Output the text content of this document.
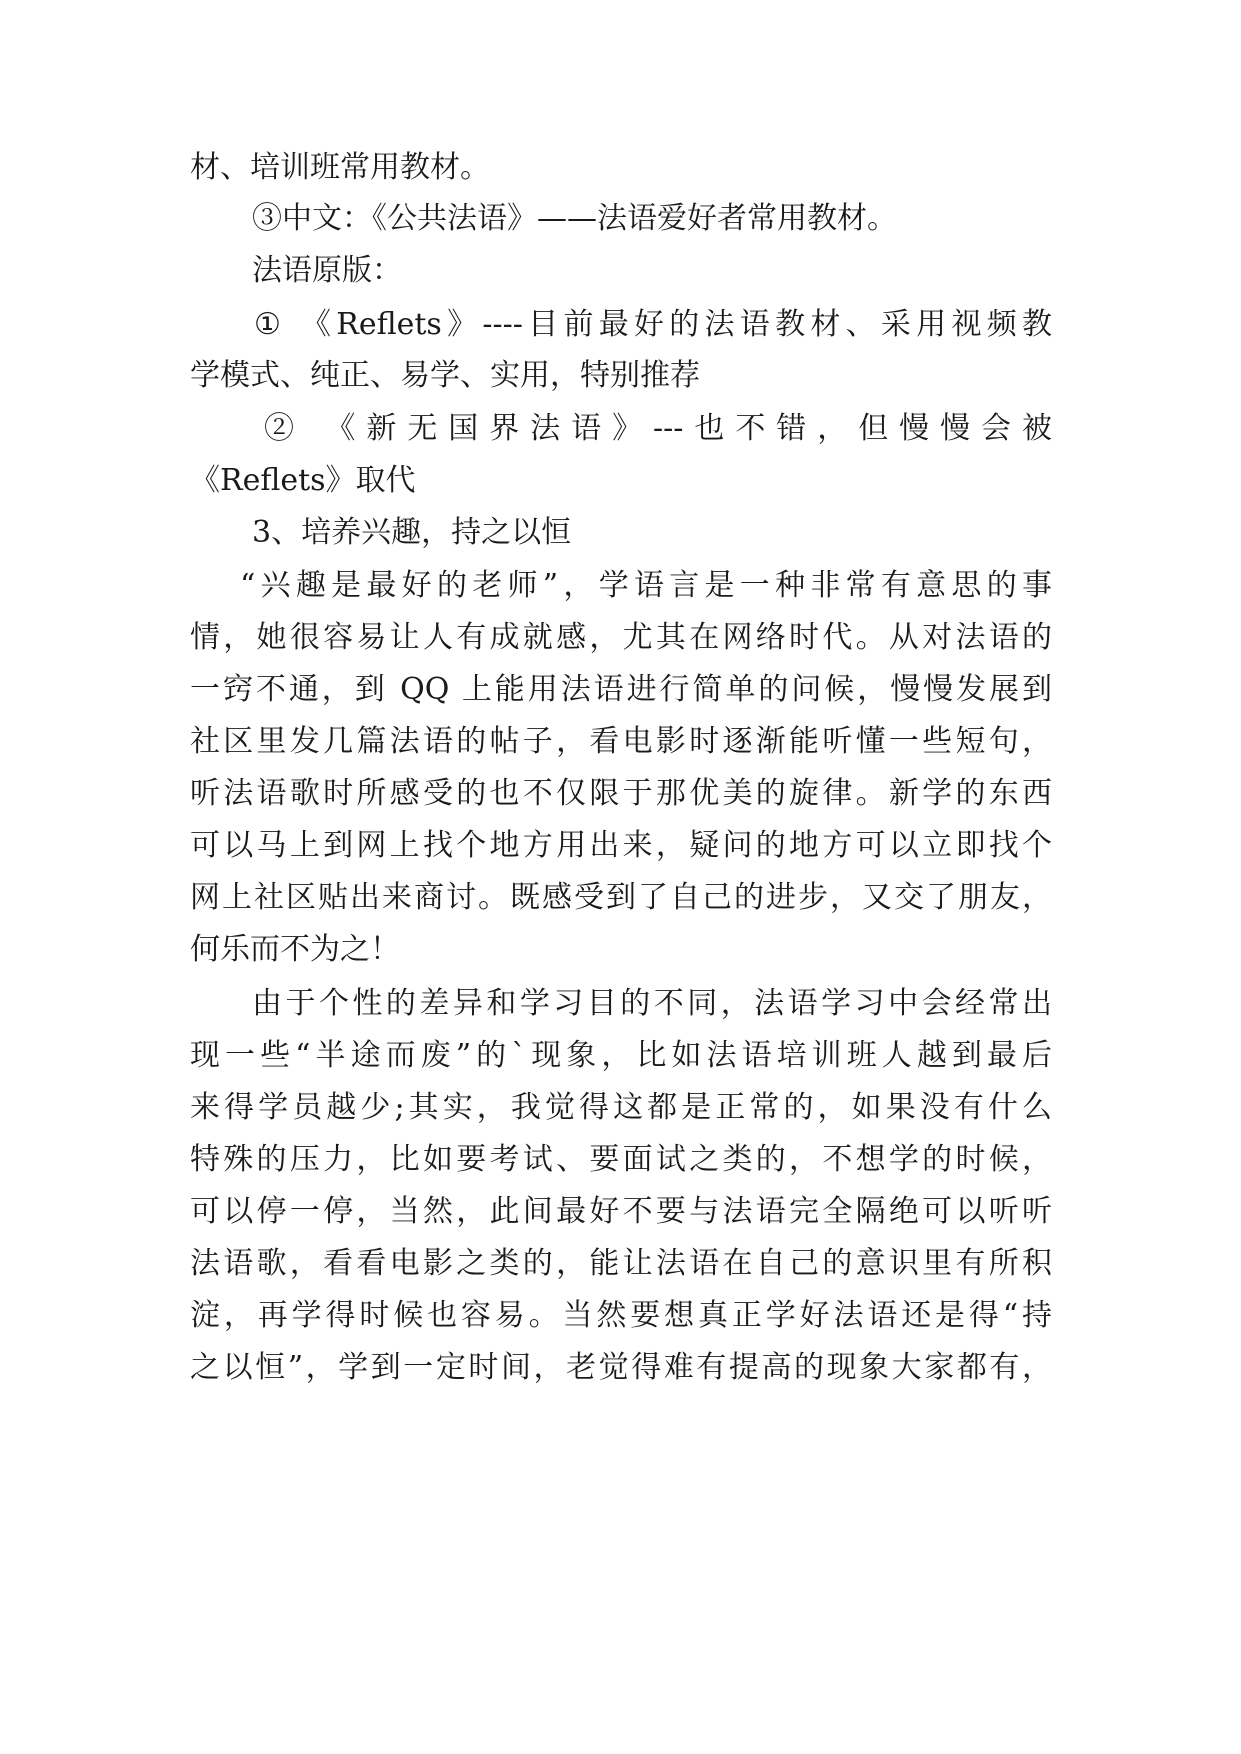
材、培训班常用教材。
③中文：《公共法语》——法语爱好者常用教材。
法语原版：
① 《Reflets》----目前最好的法语教材、采用视频教
学模式、纯正、易学、实用，特别推荐
② 《新无国界法语》---也不错，但慢慢会被
《Reflets》取代
3、培养兴趣，持之以恒
“兴趣是最好的老师”，学语言是一种非常有意思的事
情，她很容易让人有成就感，尤其在网络时代。从对法语的
一窍不通，到 QQ 上能用法语进行简单的问候，慢慢发展到
社区里发几篇法语的帖子，看电影时逐渐能听懂一些短句，
听法语歌时所感受的也不仅限于那优美的旋律。新学的东西
可以马上到网上找个地方用出来，疑问的地方可以立即找个
网上社区贴出来商讨。既感受到了自己的进步，又交了朋友，
何乐而不为之！
由于个性的差异和学习目的不同，法语学习中会经常出
现一些“半途而废”的`现象，比如法语培训班人越到最后
来得学员越少;其实，我觉得这都是正常的，如果没有什么
特殊的压力，比如要考试、要面试之类的，不想学的时候，
可以停一停，当然，此间最好不要与法语完全隔绝可以听听
法语歌，看看电影之类的，能让法语在自己的意识里有所积
淀，再学得时候也容易。当然要想真正学好法语还是得“持
之以恒”，学到一定时间，老觉得难有提高的现象大家都有，
